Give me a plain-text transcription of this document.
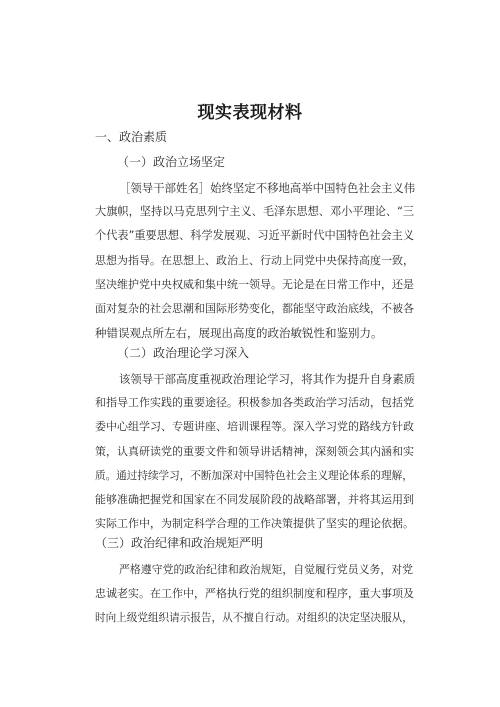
现实表现材料
一、政治素质
（一）政治立场坚定
［领导干部姓名］始终坚定不移地高举中国特色社会主义伟
大旗帜，坚持以马克思列宁主义、毛泽东思想、邓小平理论、“三
个代表”重要思想、科学发展观、习近平新时代中国特色社会主义
思想为指导。在思想上、政治上、行动上同党中央保持高度一致，
坚决维护党中央权威和集中统一领导。无论是在日常工作中，还是
面对复杂的社会思潮和国际形势变化，都能坚守政治底线，不被各
种错误观点所左右，展现出高度的政治敏锐性和鉴别力。
（二）政治理论学习深入
该领导干部高度重视政治理论学习，将其作为提升自身素质
和指导工作实践的重要途径。积极参加各类政治学习活动，包括党
委中心组学习、专题讲座、培训课程等。深入学习党的路线方针政
策，认真研读党的重要文件和领导讲话精神，深刻领会其内涵和实
质。通过持续学习，不断加深对中国特色社会主义理论体系的理解，
能够准确把握党和国家在不同发展阶段的战略部署，并将其运用到
实际工作中，为制定科学合理的工作决策提供了坚实的理论依据。
（三）政治纪律和政治规矩严明
严格遵守党的政治纪律和政治规矩，自觉履行党员义务，对党
忠诚老实。在工作中，严格执行党的组织制度和程序，重大事项及
时向上级党组织请示报告，从不擅自行动。对组织的决定坚决服从，
